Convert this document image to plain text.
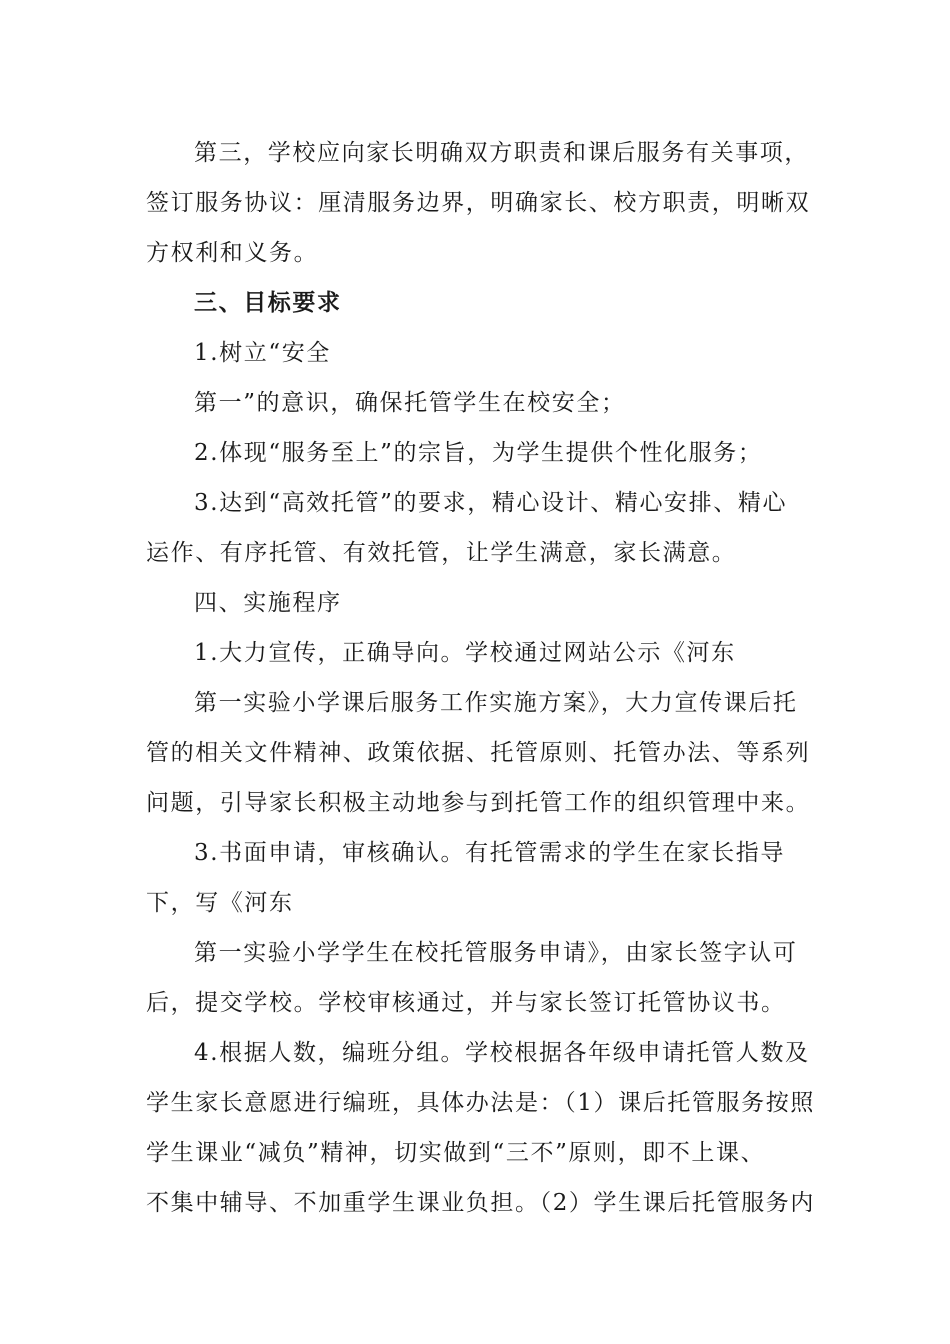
第三，学校应向家长明确双方职责和课后服务有关事项，
签订服务协议：厘清服务边界，明确家长、校方职责，明晰双
方权利和义务。
三、目标要求
1.树立“安全
第一”的意识，确保托管学生在校安全；
2.体现“服务至上”的宗旨，为学生提供个性化服务；
3.达到“高效托管”的要求，精心设计、精心安排、精心
运作、有序托管、有效托管，让学生满意，家长满意。
四、实施程序
1.大力宣传，正确导向。学校通过网站公示《河东
第一实验小学课后服务工作实施方案》，大力宣传课后托
管的相关文件精神、政策依据、托管原则、托管办法、等系列
问题，引导家长积极主动地参与到托管工作的组织管理中来。
3.书面申请，审核确认。有托管需求的学生在家长指导
下，写《河东
第一实验小学学生在校托管服务申请》，由家长签字认可
后，提交学校。学校审核通过，并与家长签订托管协议书。
4.根据人数，编班分组。学校根据各年级申请托管人数及
学生家长意愿进行编班，具体办法是：（1）课后托管服务按照
学生课业“减负”精神，切实做到“三不”原则，即不上课、
不集中辅导、不加重学生课业负担。（2）学生课后托管服务内
